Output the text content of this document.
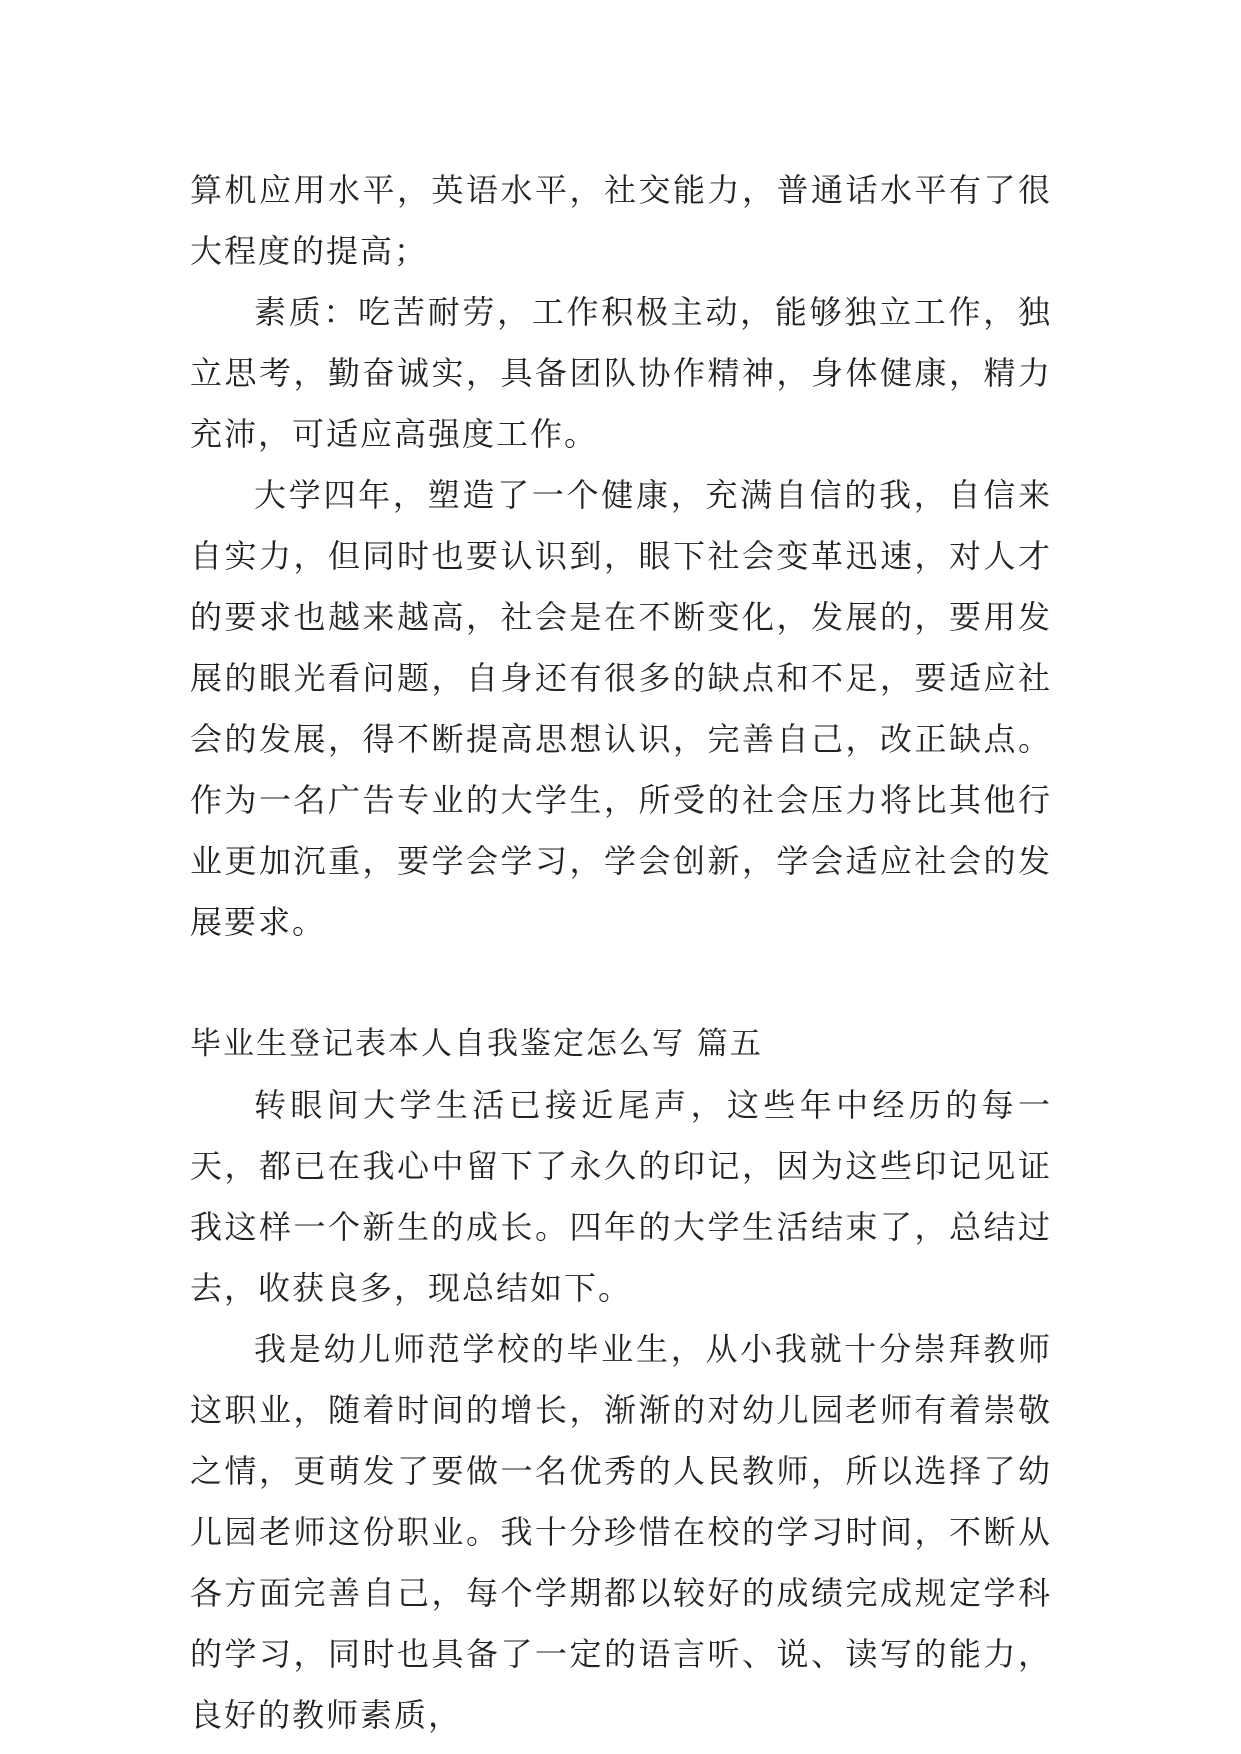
算机应用水平，英语水平，社交能力，普通话水平有了很大程度的提高；

素质：吃苦耐劳，工作积极主动，能够独立工作，独立思考，勤奋诚实，具备团队协作精神，身体健康，精力充沛，可适应高强度工作。

大学四年，塑造了一个健康，充满自信的我，自信来自实力，但同时也要认识到，眼下社会变革迅速，对人才的要求也越来越高，社会是在不断变化，发展的，要用发展的眼光看问题，自身还有很多的缺点和不足，要适应社会的发展，得不断提高思想认识，完善自己，改正缺点。作为一名广告专业的大学生，所受的社会压力将比其他行业更加沉重，要学会学习，学会创新，学会适应社会的发展要求。

毕业生登记表本人自我鉴定怎么写 篇五

转眼间大学生活已接近尾声，这些年中经历的每一天，都已在我心中留下了永久的印记，因为这些印记见证我这样一个新生的成长。四年的大学生活结束了，总结过去，收获良多，现总结如下。

我是幼儿师范学校的毕业生，从小我就十分崇拜教师这职业，随着时间的增长，渐渐的对幼儿园老师有着崇敬之情，更萌发了要做一名优秀的人民教师，所以选择了幼儿园老师这份职业。我十分珍惜在校的学习时间，不断从各方面完善自己，每个学期都以较好的成绩完成规定学科的学习，同时也具备了一定的语言听、说、读写的能力，良好的教师素质，
